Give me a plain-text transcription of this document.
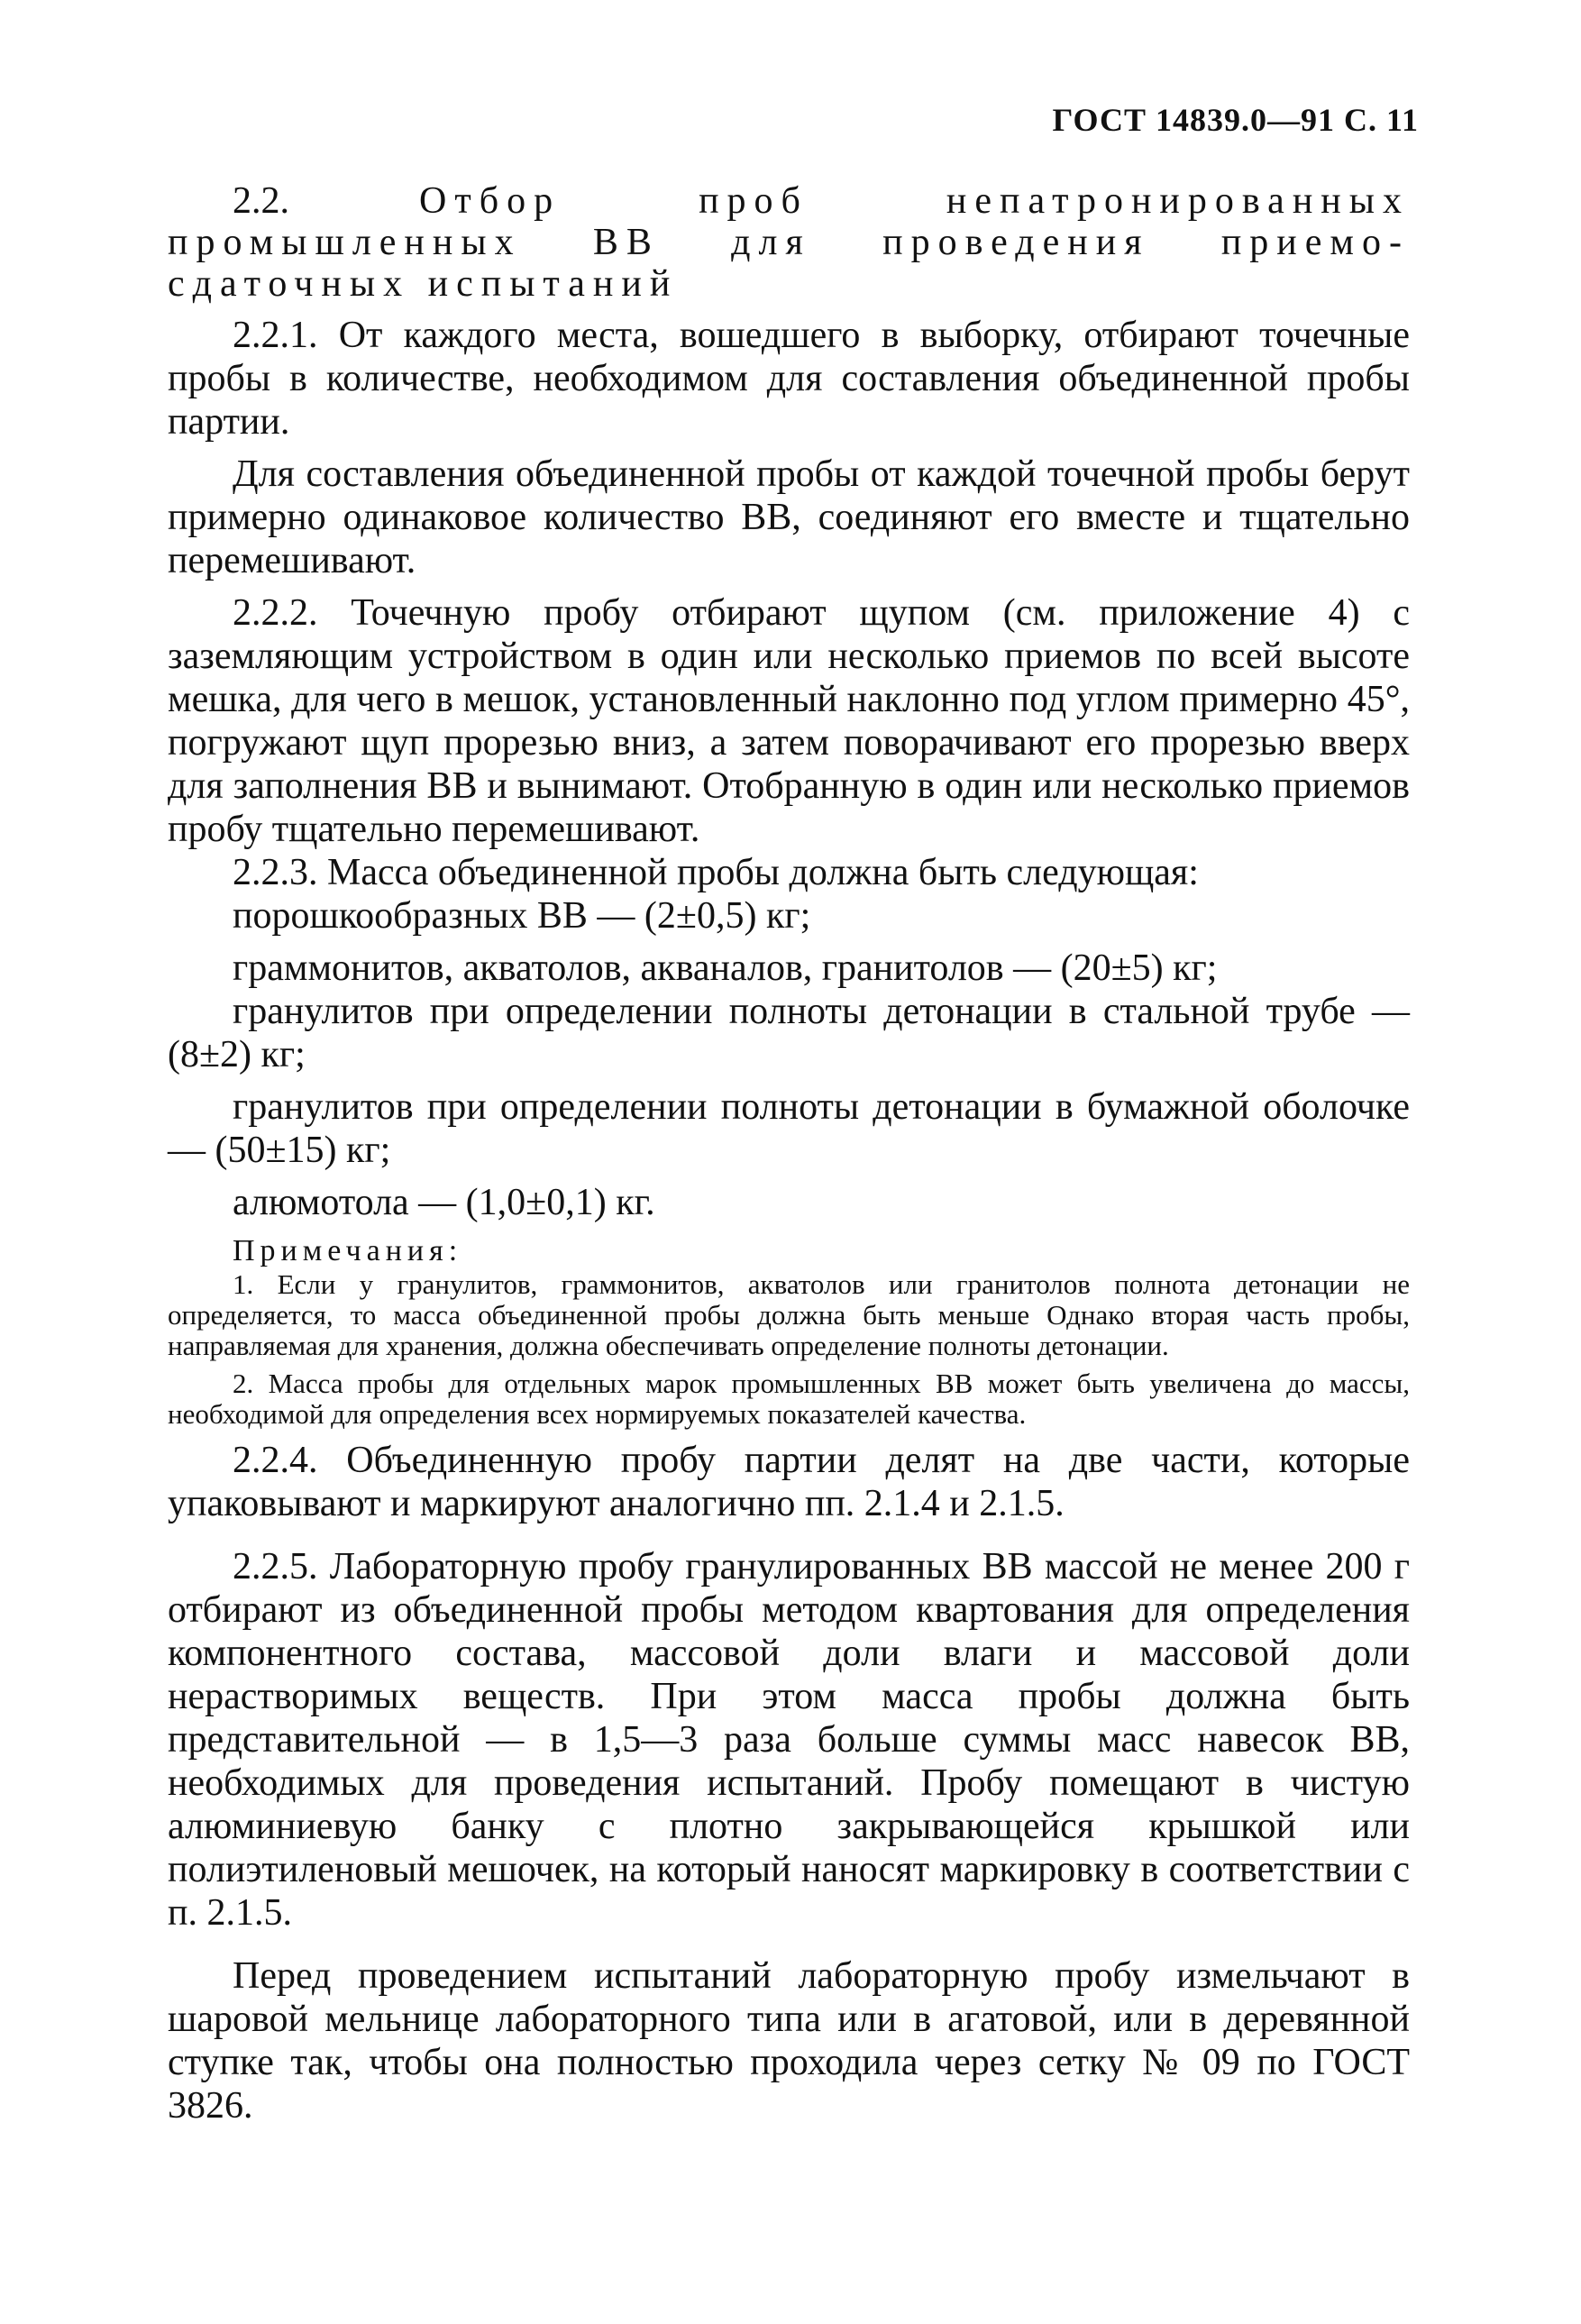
ГОСТ 14839.0—91 С. 11

2.2.	Отбор проб непатронированных промышленных ВВ для проведения приемо-сдаточных испытаний

2.2.1. От каждого места, вошедшего в выборку, отбирают точечные пробы в количестве, необходимом для составления объединенной пробы партии.

Для составления объединенной пробы от каждой точечной пробы берут примерно одинаковое количество ВВ, соединяют его вместе и тщательно перемешивают.

2.2.2. Точечную пробу отбирают щупом (см. приложение 4) с заземляющим устройством в один или несколько приемов по всей высоте мешка, для чего в мешок, установленный наклонно под углом примерно 45°, погружают щуп прорезью вниз, а затем поворачивают его прорезью вверх для заполнения ВВ и вынимают. Отобранную в один или несколько приемов пробу тщательно перемешивают.

2.2.3. Масса объединенной пробы должна быть следующая:

порошкообразных ВВ — (2±0,5) кг;

граммонитов, акватолов, акваналов, гранитолов — (20±5) кг;

гранулитов при определении полноты детонации в стальной трубе — (8±2) кг;

гранулитов при определении полноты детонации в бумажной оболочке — (50±15) кг;

алюмотола — (1,0±0,1) кг.

Примечания:

1. Если у гранулитов, граммонитов, акватолов или гранитолов полнота детонации не определяется, то масса объединенной пробы должна быть меньше Однако вторая часть пробы, направляемая для хранения, должна обеспечивать определение полноты детонации.

2. Масса пробы для отдельных марок промышленных ВВ может быть увеличена до массы, необходимой для определения всех нормируемых показателей качества.

2.2.4. Объединенную пробу партии делят на две части, которые упаковывают и маркируют аналогично пп. 2.1.4 и 2.1.5.

2.2.5. Лабораторную пробу гранулированных ВВ массой не менее 200 г отбирают из объединенной пробы методом квартования для определения компонентного состава, массовой доли влаги и массовой доли нерастворимых веществ. При этом масса пробы должна быть представительной — в 1,5—3 раза больше суммы масс навесок ВВ, необходимых для проведения испытаний. Пробу помещают в чистую алюминиевую банку с плотно закрывающейся крышкой или полиэтиленовый мешочек, на который наносят маркировку в соответствии с п. 2.1.5.

Перед проведением испытаний лабораторную пробу измельчают в шаровой мельнице лабораторного типа или в агатовой, или в деревянной ступке так, чтобы она полностью проходила через сетку № 09 по ГОСТ 3826.
